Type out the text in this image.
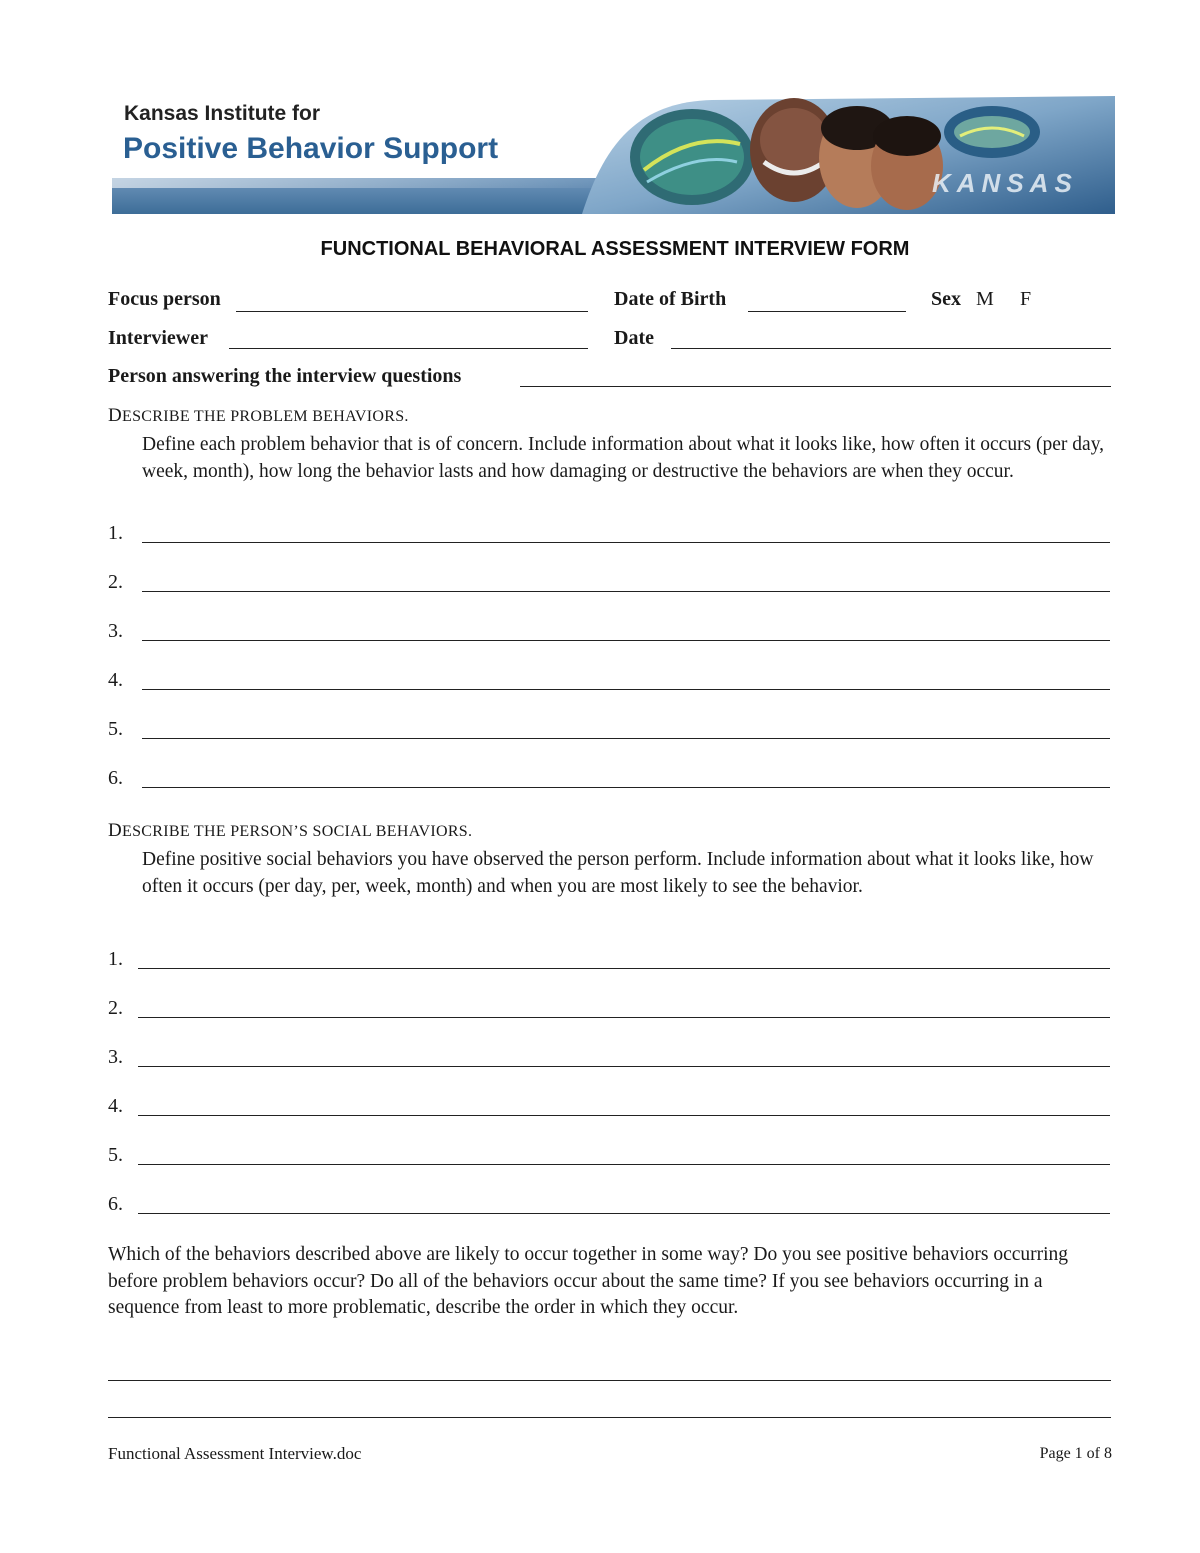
Kansas Institute for
Positive Behavior Support
KANSAS
FUNCTIONAL BEHAVIORAL ASSESSMENT INTERVIEW FORM
Focus person	Date of Birth	Sex M F
Interviewer	Date
Person answering the interview questions
DESCRIBE THE PROBLEM BEHAVIORS.
Define each problem behavior that is of concern. Include information about what it looks like, how often it occurs (per day, week, month), how long the behavior lasts and how damaging or destructive the behaviors are when they occur.
1.
2.
3.
4.
5.
6.
DESCRIBE THE PERSON’S SOCIAL BEHAVIORS.
Define positive social behaviors you have observed the person perform. Include information about what it looks like, how often it occurs (per day, per, week, month) and when you are most likely to see the behavior.
1.
2.
3.
4.
5.
6.
Which of the behaviors described above are likely to occur together in some way? Do you see positive behaviors occurring before problem behaviors occur? Do all of the behaviors occur about the same time? If you see behaviors occurring in a sequence from least to more problematic, describe the order in which they occur.
Functional Assessment Interview.doc	Page 1 of 8
